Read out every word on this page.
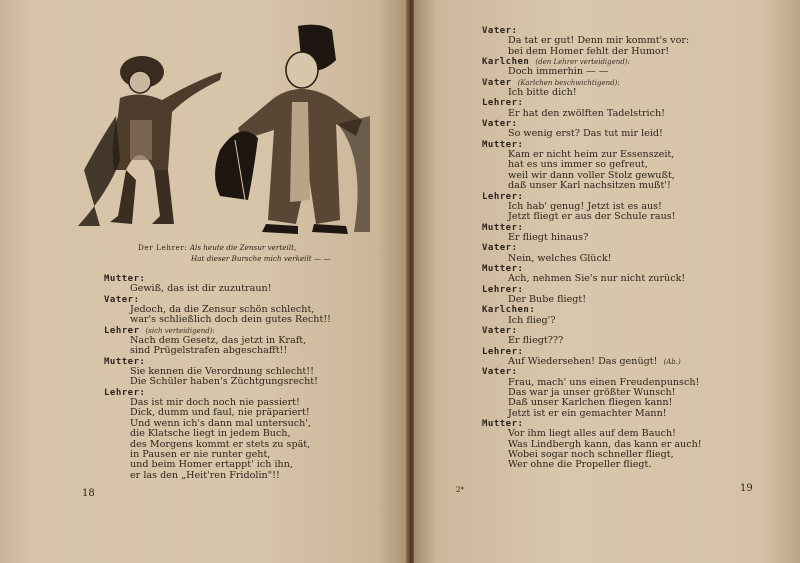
Der Lehrer: Als heute die Zensur verteilt,
Hat dieser Bursche mich verkeilt — —
Mutter:
Gewiß, das ist dir zuzutraun!
Vater:
Jedoch, da die Zensur schön schlecht,
war's schließlich doch dein gutes Recht!!
Lehrer (sich verteidigend):
Nach dem Gesetz, das jetzt in Kraft,
sind Prügelstrafen abgeschafft!!
Mutter:
Sie kennen die Verordnung schlecht!!
Die Schüler haben's Züchtgungsrecht!
Lehrer:
Das ist mir doch noch nie passiert!
Dick, dumm und faul, nie präpariert!
Und wenn ich's dann mal untersuch',
die Klatsche liegt in jedem Buch,
des Morgens kommt er stets zu spät,
in Pausen er nie runter geht,
und beim Homer ertappt' ich ihn,
er las den „Heit'ren Fridolin"!!
18
Vater:
Da tat er gut! Denn mir kommt's vor:
bei dem Homer fehlt der Humor!
Karlchen (den Lehrer verteidigend):
Doch immerhin — —
Vater (Karlchen beschwichtigend):
Ich bitte dich!
Lehrer:
Er hat den zwölften Tadelstrich!
Vater:
So wenig erst? Das tut mir leid!
Mutter:
Kam er nicht heim zur Essenszeit,
hat es uns immer so gefreut,
weil wir dann voller Stolz gewußt,
daß unser Karl nachsitzen mußt'!
Lehrer:
Ich hab' genug! Jetzt ist es aus!
Jetzt fliegt er aus der Schule raus!
Mutter:
Er fliegt hinaus?
Vater:
Nein, welches Glück!
Mutter:
Ach, nehmen Sie's nur nicht zurück!
Lehrer:
Der Bube fliegt!
Karlchen:
Ich flieg'?
Vater:
Er fliegt???
Lehrer:
Auf Wiedersehen! Das genügt! (Ab.)
Vater:
Frau, mach' uns einen Freudenpunsch!
Das war ja unser größter Wunsch!
Daß unser Karlchen fliegen kann!
Jetzt ist er ein gemachter Mann!
Mutter:
Vor ihm liegt alles auf dem Bauch!
Was Lindbergh kann, das kann er auch!
Wobei sogar noch schneller fliegt,
Wer ohne die Propeller fliegt.
19
2*
